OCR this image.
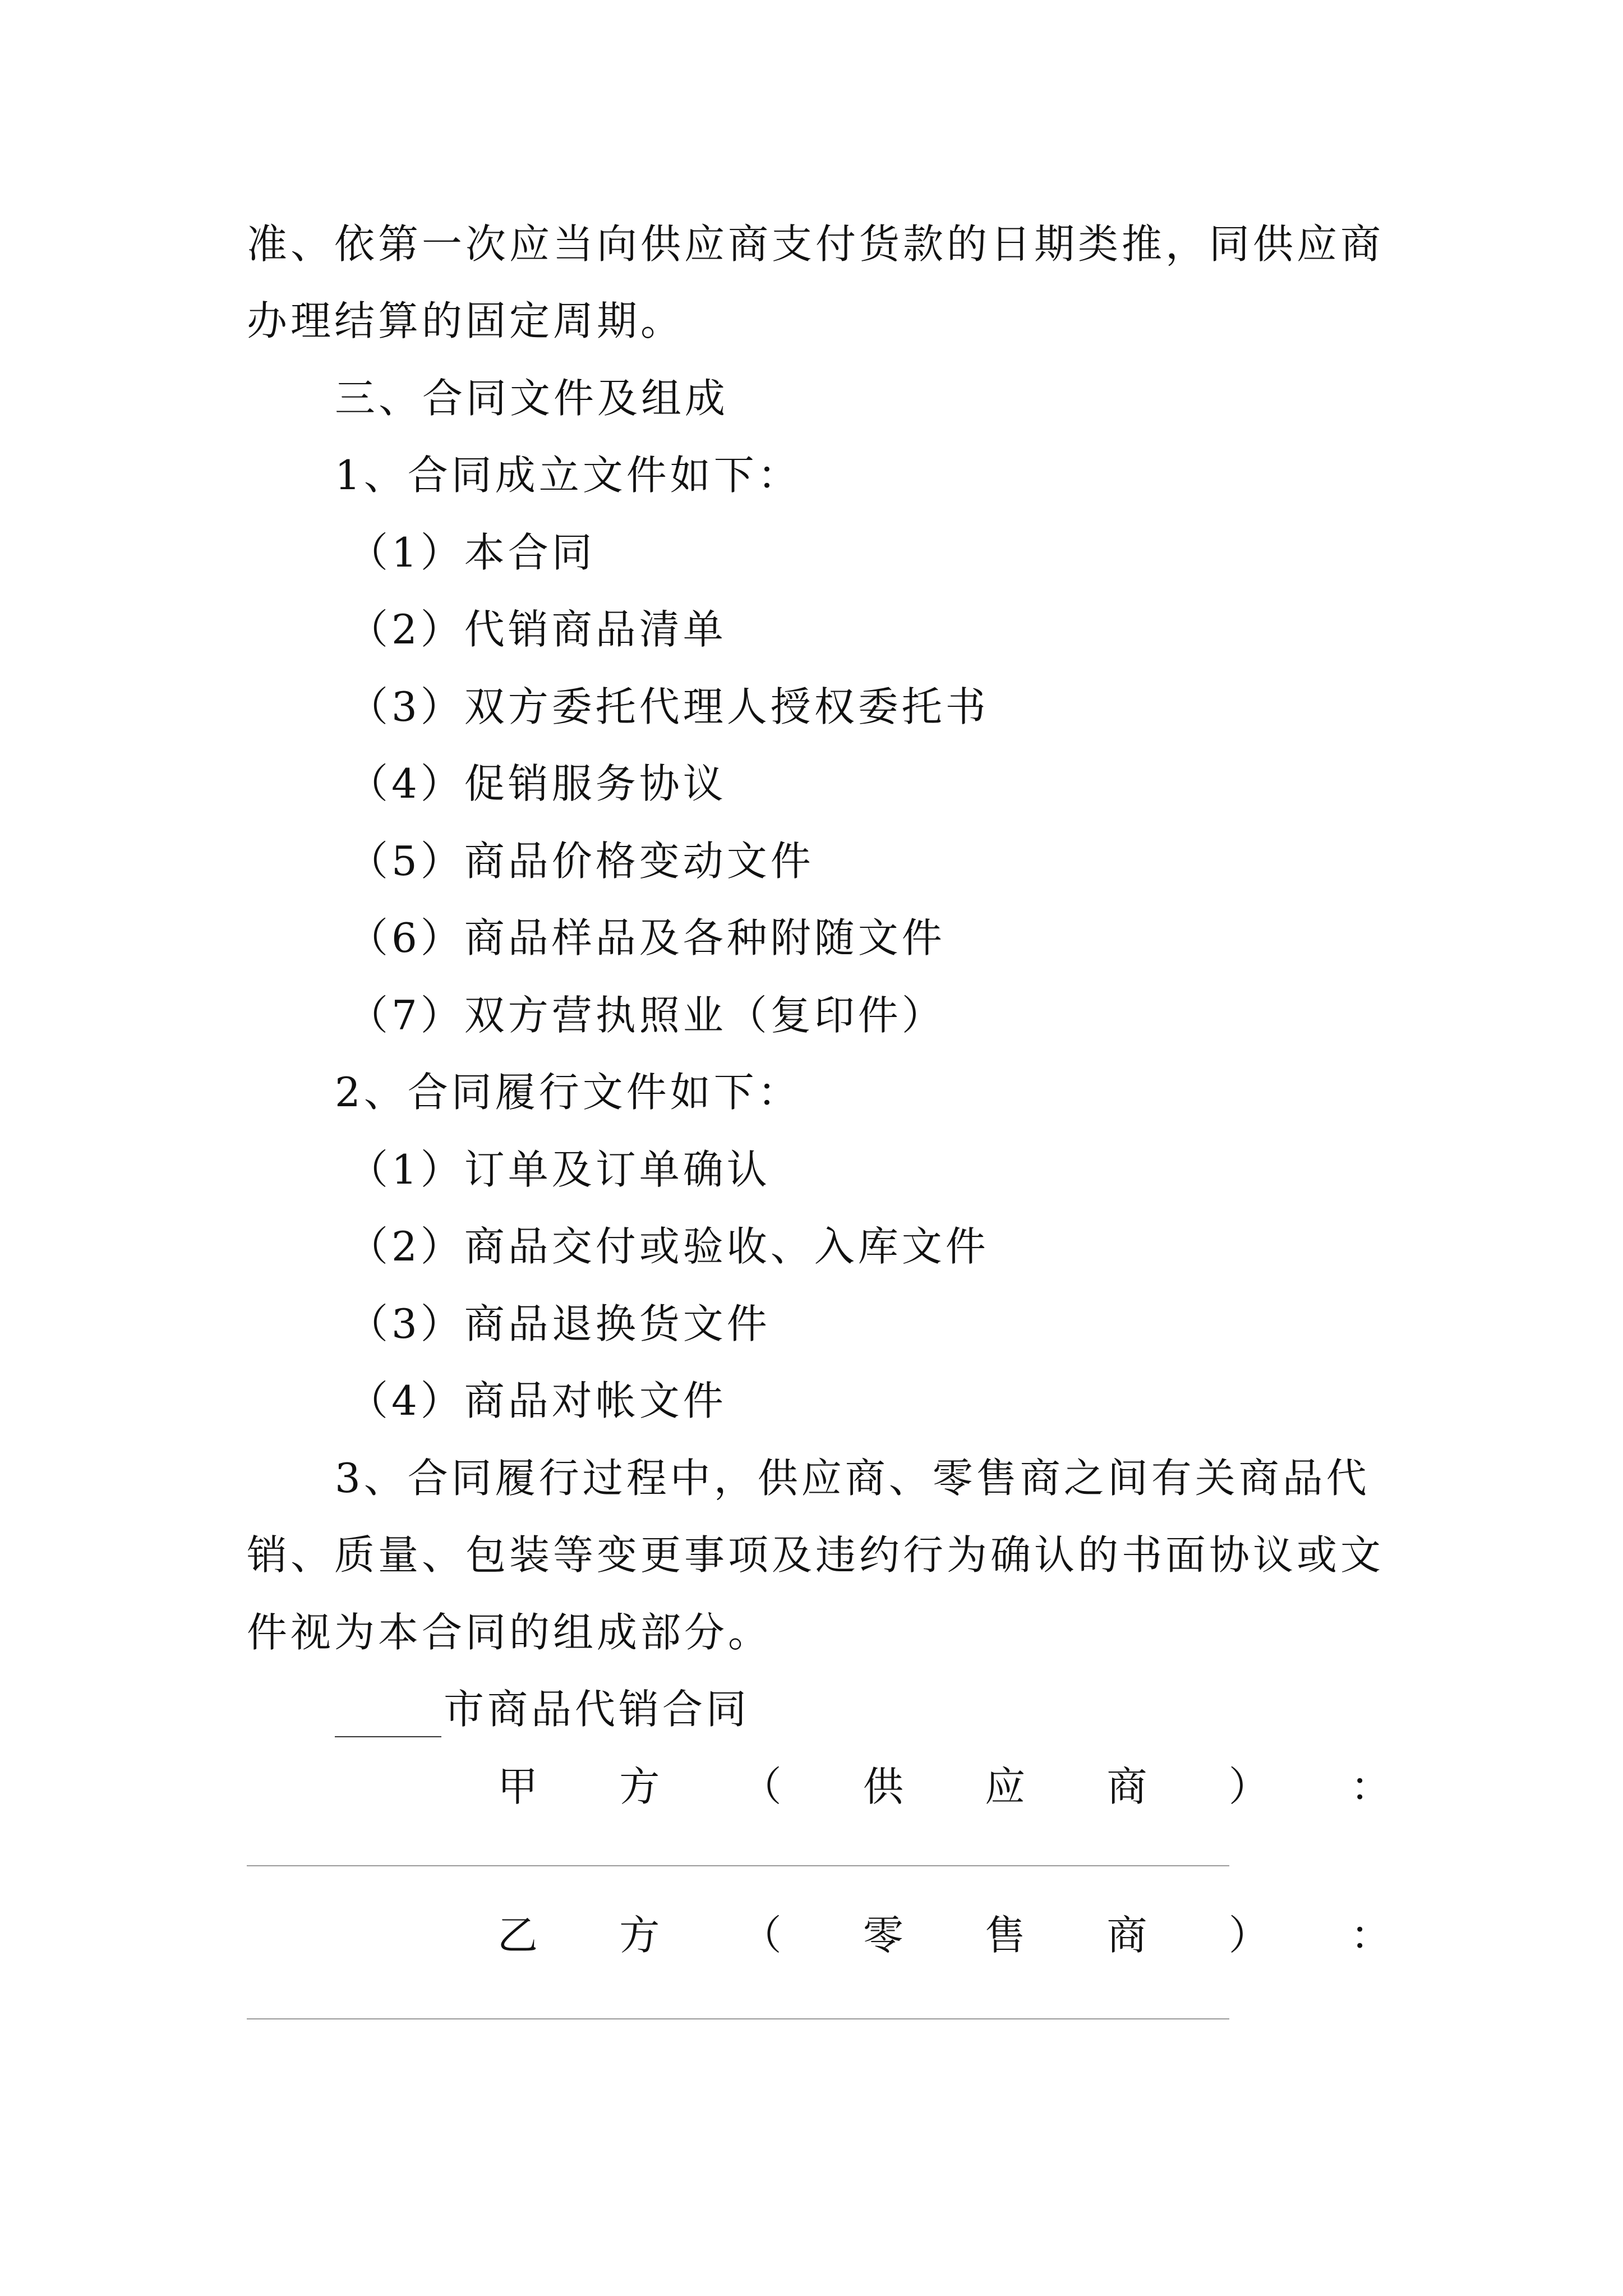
准、依第一次应当向供应商支付货款的日期类推，同供应商
办理结算的固定周期。
三、合同文件及组成
1、合同成立文件如下：
（1）本合同
（2）代销商品清单
（3）双方委托代理人授权委托书
（4）促销服务协议
（5）商品价格变动文件
（6）商品样品及各种附随文件
（7）双方营执照业（复印件）
2、合同履行文件如下：
（1）订单及订单确认
（2）商品交付或验收、入库文件
（3）商品退换货文件
（4）商品对帐文件
3、合同履行过程中，供应商、零售商之间有关商品代
销、质量、包装等变更事项及违约行为确认的书面协议或文
件视为本合同的组成部分。
市商品代销合同
甲 方 （ 供 应 商 ） ：
乙 方 （ 零 售 商 ） ：
